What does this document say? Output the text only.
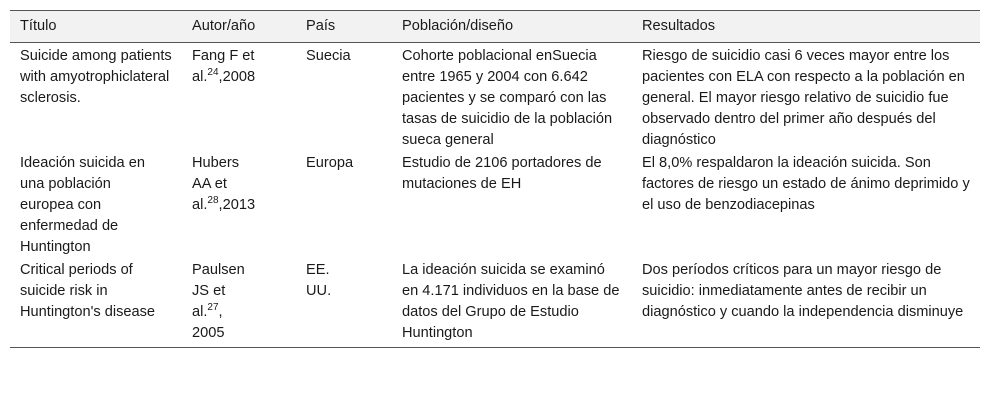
Título	Autor/año	País	Población/diseño	Resultados
Suicide among patients with amyotrophiclateral sclerosis.	Fang F et al.$^{24}$,2008	Suecia	Cohorte poblacional enSuecia entre 1965 y 2004 con 6.642 pacientes y se comparó con las tasas de suicidio de la población sueca general	Riesgo de suicidio casi 6 veces mayor entre los pacientes con ELA con respecto a la población en general. El mayor riesgo relativo de suicidio fue observado dentro del primer año después del diagnóstico
Ideación suicida en una población europea con enfermedad de Huntington	Hubers AA et al.$^{28}$,2013	Europa	Estudio de 2106 portadores de mutaciones de EH	El 8,0% respaldaron la ideación suicida. Son factores de riesgo un estado de ánimo deprimido y el uso de benzodiacepinas
Critical periods of suicide risk in Huntington's disease	Paulsen JS et al.$^{27}$, 2005	EE. UU.	La ideación suicida se examinó en 4.171 individuos en la base de datos del Grupo de Estudio Huntington	Dos períodos críticos para un mayor riesgo de suicidio: inmediatamente antes de recibir un diagnóstico y cuando la independencia disminuye
